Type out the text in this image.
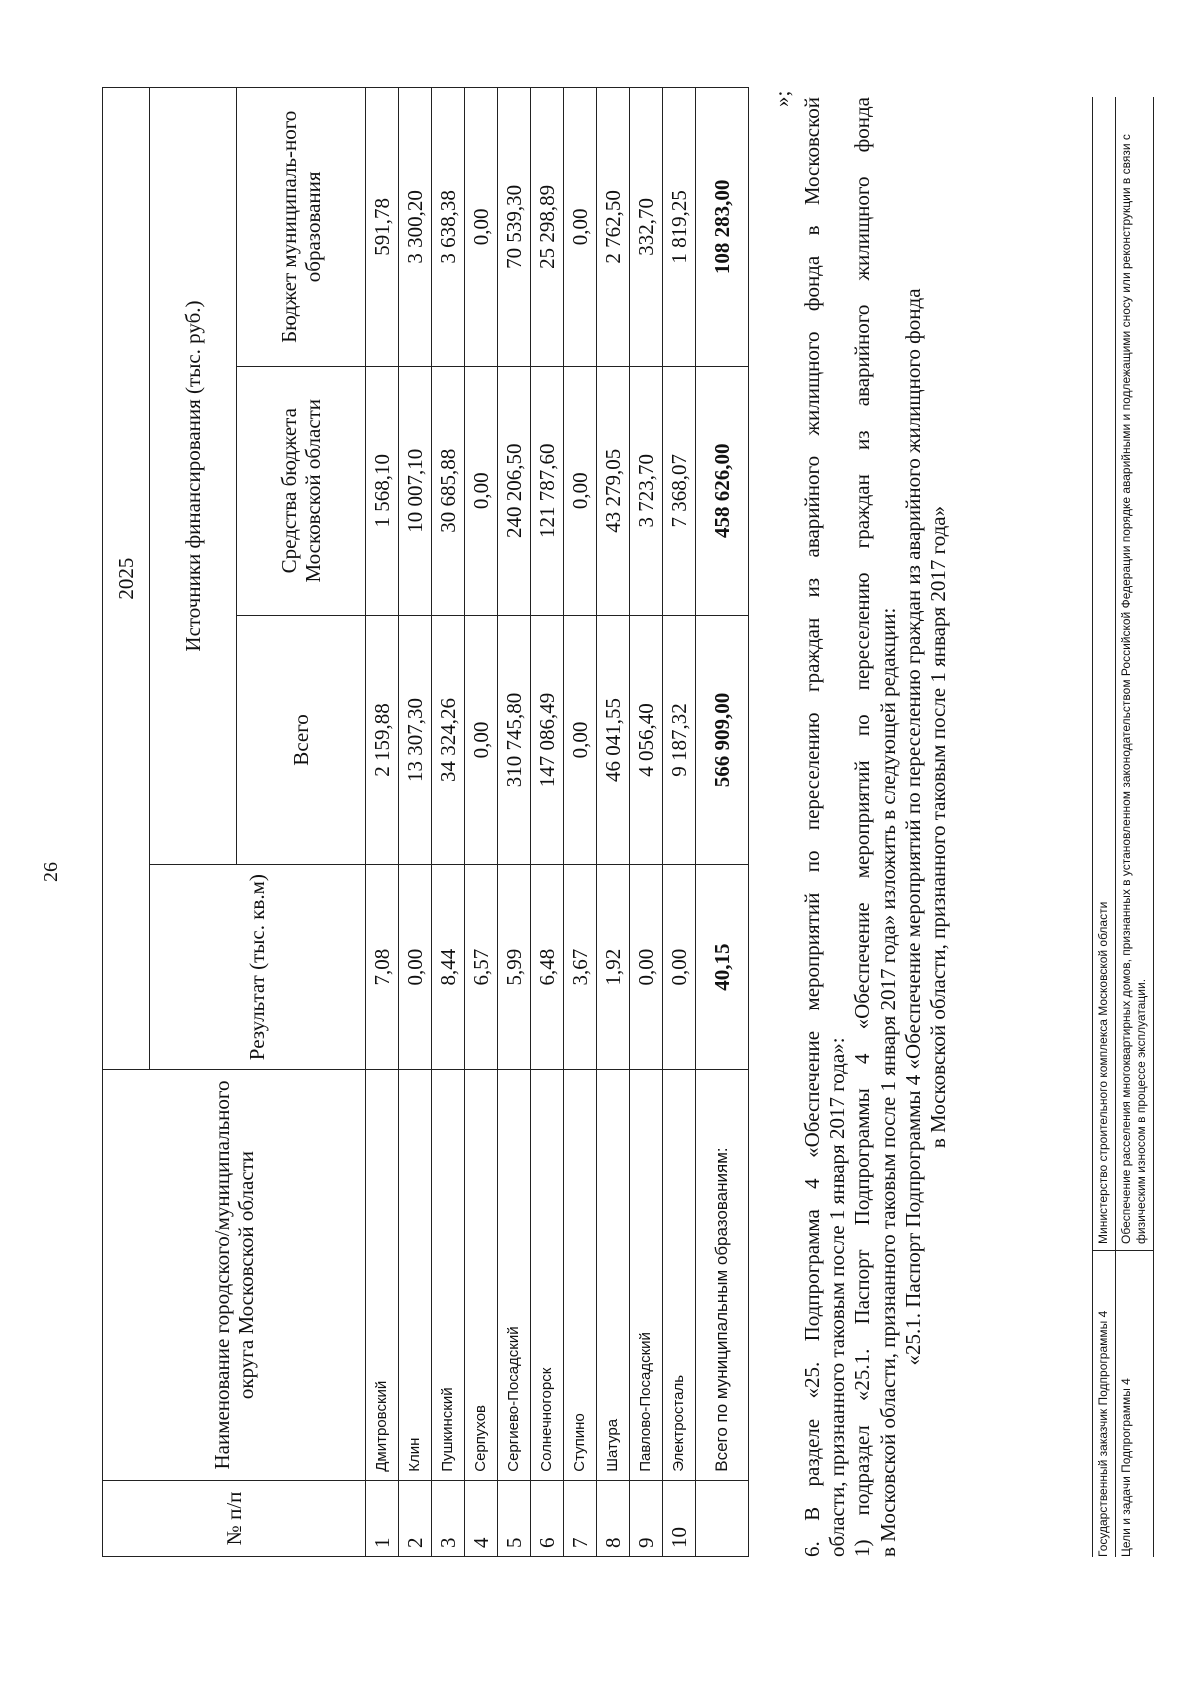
26
№ п/п	Наименование городского/муниципального округа Московской области	2025			
		Результат (тыс. кв.м)	Источники финансирования (тыс. руб.)		
			Всего	Средства бюджета Московской области	Бюджет муниципаль-ного образования
1	Дмитровский	7,08	2 159,88	1 568,10	591,78
2	Клин	0,00	13 307,30	10 007,10	3 300,20
3	Пушкинский	8,44	34 324,26	30 685,88	3 638,38
4	Серпухов	6,57	0,00	0,00	0,00
5	Сергиево-Посадский	5,99	310 745,80	240 206,50	70 539,30
6	Солнечногорск	6,48	147 086,49	121 787,60	25 298,89
7	Ступино	3,67	0,00	0,00	0,00
8	Шатура	1,92	46 041,55	43 279,05	2 762,50
9	Павлово-Посадский	0,00	4 056,40	3 723,70	332,70
10	Электросталь	0,00	9 187,32	7 368,07	1 819,25
	Всего по муниципальным образованиям:	40,15	566 909,00	458 626,00	108 283,00
»; 6. В разделе «25. Подпрограмма 4 «Обеспечение мероприятий по переселению граждан из аварийного жилищного фонда в Московской области, признанного таковым после 1 января 2017 года»: 1) подраздел «25.1. Паспорт Подпрограммы 4 «Обеспечение мероприятий по переселению граждан из аварийного жилищного фонда в Московской области, признанного таковым после 1 января 2017 года» изложить в следующей редакции: «25.1. Паспорт Подпрограммы 4 «Обеспечение мероприятий по переселению граждан из аварийного жилищного фонда в Московской области, признанного таковым после 1 января 2017 года»

Государственный заказчик Подпрограммы 4	Министерство строительного комплекса Московской области
Цели и задачи Подпрограммы 4	Обеспечение расселения многоквартирных домов, признанных в установленном законодательством Российской Федерации порядке аварийными и подлежащими сносу или реконструкции в связи с физическим износом в процессе эксплуатации.
